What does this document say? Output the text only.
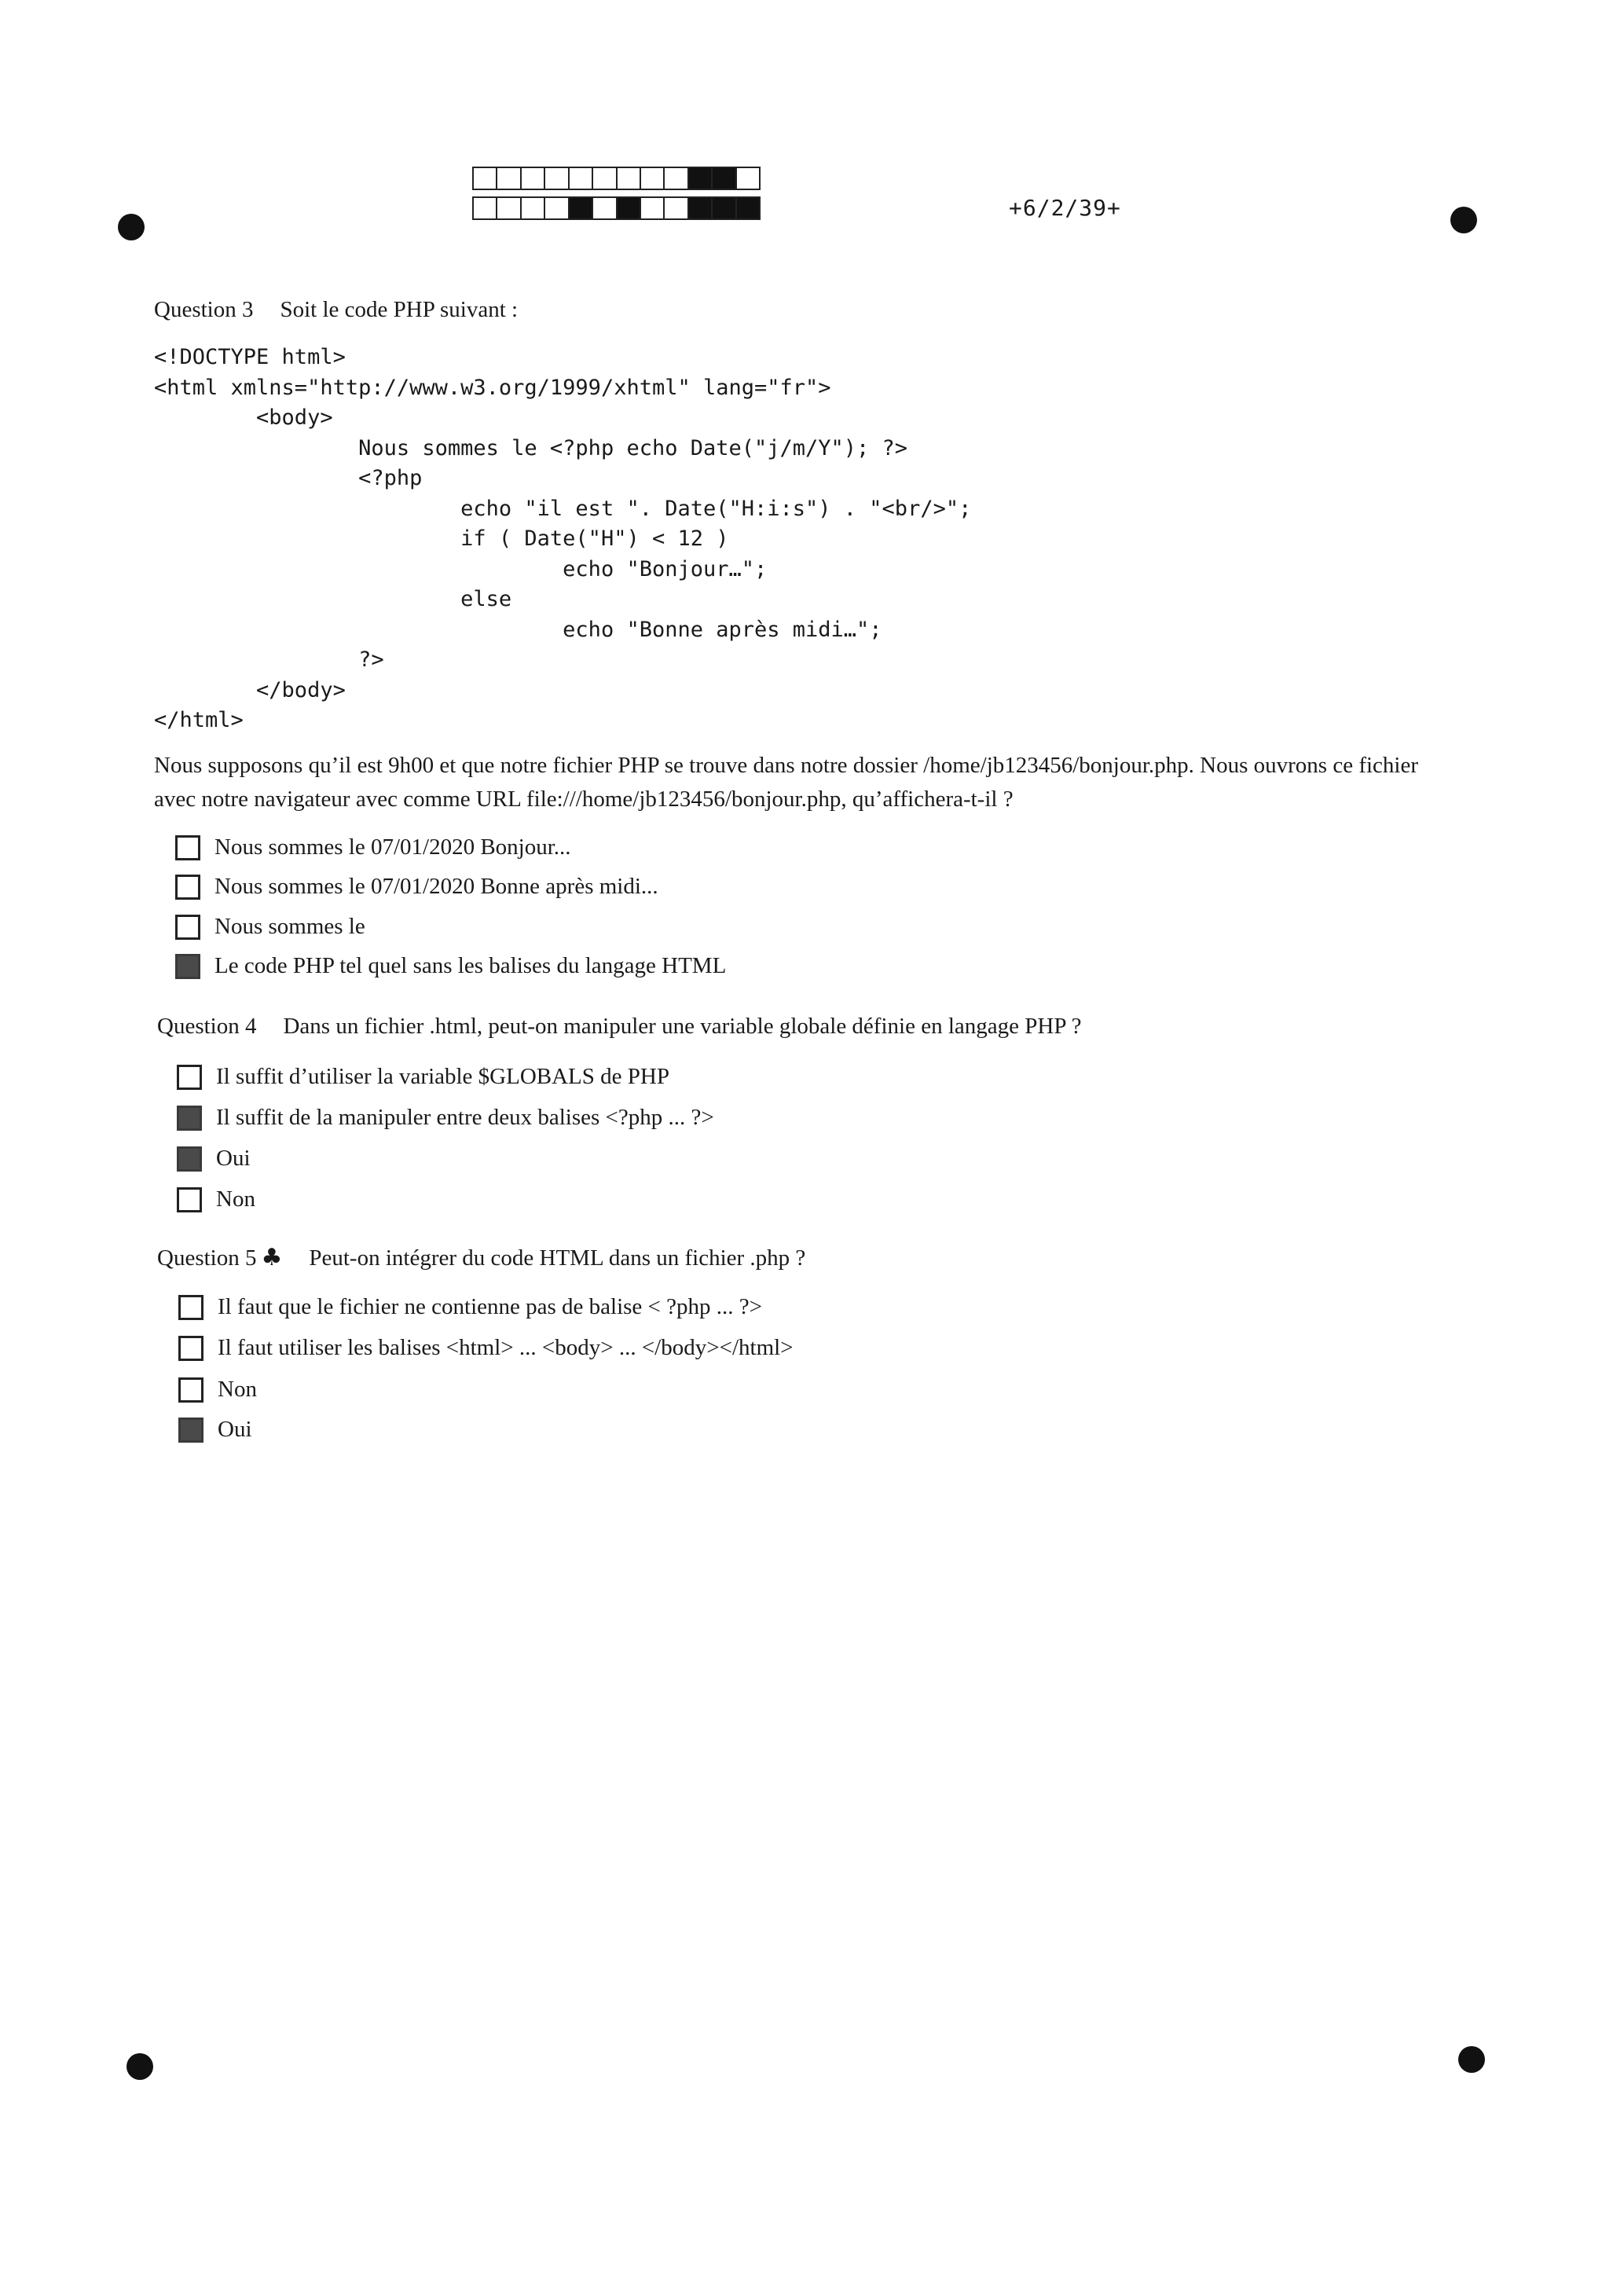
+6/2/39+
Question 3 Soit le code PHP suivant :
<!DOCTYPE html>
<html xmlns="http://www.w3.org/1999/xhtml" lang="fr">
<body>
Nous sommes le <?php echo Date("j/m/Y"); ?>
<?php
echo "il est ". Date("H:i:s") . "<br/>";
if ( Date("H") < 12 )
echo "Bonjour…";
else
echo "Bonne après midi…";
?>
</body>
</html>

Nous supposons qu’il est 9h00 et que notre fichier PHP se trouve dans notre dossier /home/jb123456/bonjour.php. Nous ouvrons ce fichier avec notre navigateur avec comme URL file:///home/jb123456/bonjour.php, qu’affichera-t-il ?
Nous sommes le 07/01/2020 Bonjour...
Nous sommes le 07/01/2020 Bonne après midi...
Nous sommes le
Le code PHP tel quel sans les balises du langage HTML
Question 4 Dans un fichier .html, peut-on manipuler une variable globale définie en langage PHP ?
Il suffit d’utiliser la variable $GLOBALS de PHP
Il suffit de la manipuler entre deux balises <?php ... ?>
Oui
Non
Question 5 ♣ Peut-on intégrer du code HTML dans un fichier .php ?
Il faut que le fichier ne contienne pas de balise < ?php ... ?>
Il faut utiliser les balises <html> ... <body> ... </body></html>
Non
Oui
